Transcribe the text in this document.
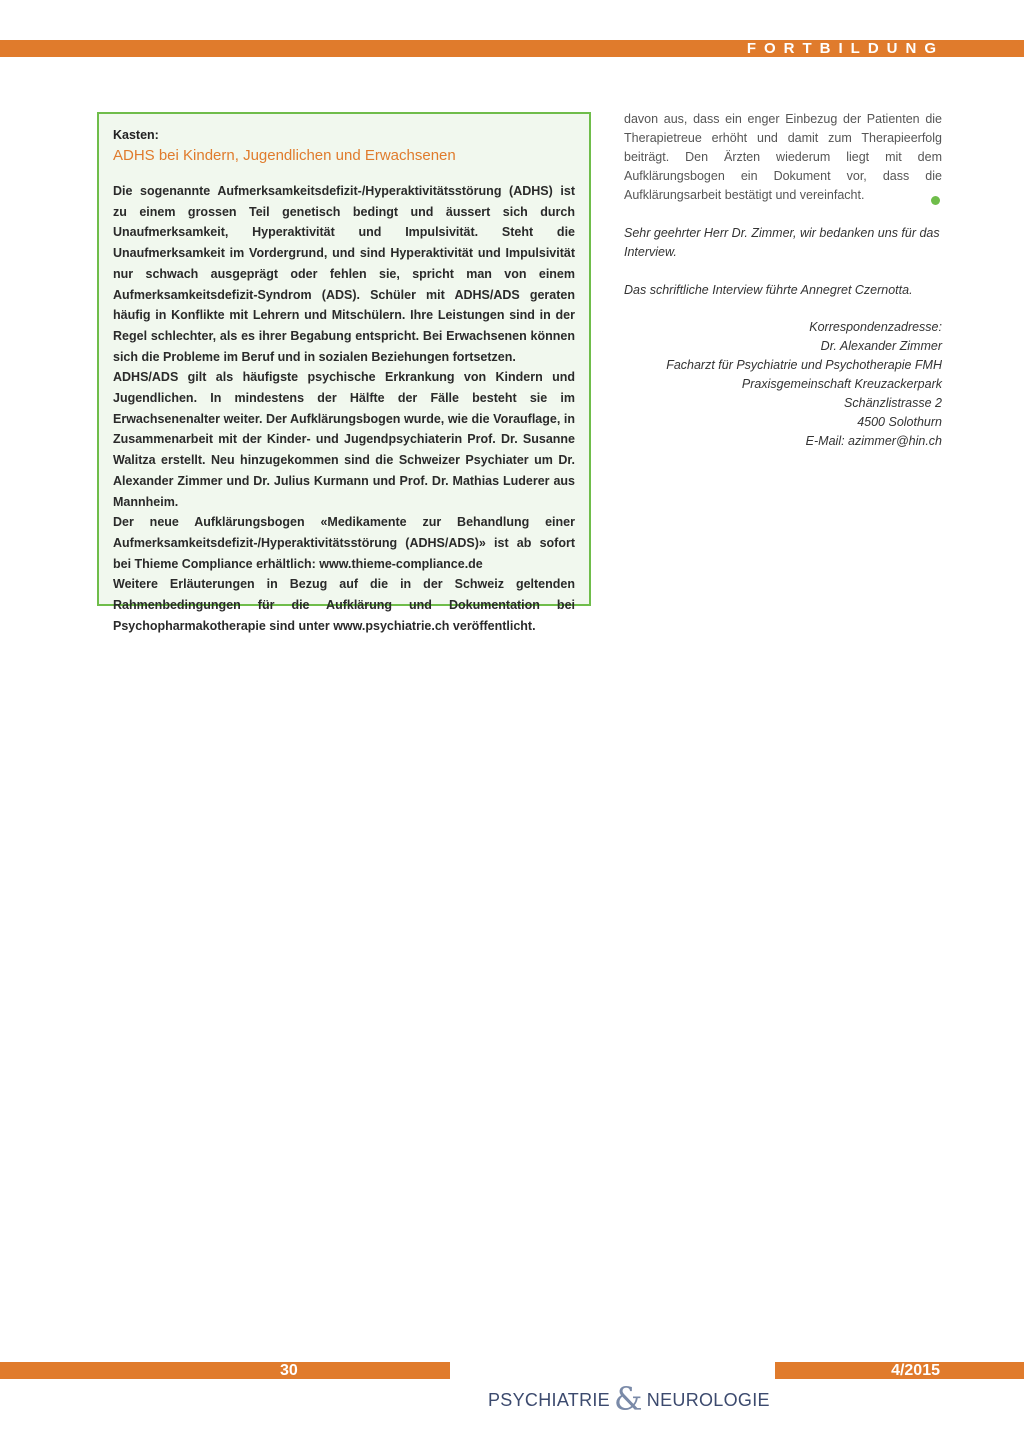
FORTBILDUNG
Kasten:
ADHS bei Kindern, Jugendlichen und Erwachsenen

Die sogenannte Aufmerksamkeitsdefizit-/Hyperaktivitätsstörung (ADHS) ist zu einem grossen Teil genetisch bedingt und äussert sich durch Unaufmerksamkeit, Hyperaktivität und Impulsivität. Steht die Unaufmerksamkeit im Vordergrund, und sind Hyperaktivität und Impulsivität nur schwach ausgeprägt oder fehlen sie, spricht man von einem Aufmerksamkeitsdefizit-Syndrom (ADS). Schüler mit ADHS/ADS geraten häufig in Konflikte mit Lehrern und Mitschülern. Ihre Leistungen sind in der Regel schlechter, als es ihrer Begabung entspricht. Bei Erwachsenen können sich die Probleme im Beruf und in sozialen Beziehungen fortsetzen.

ADHS/ADS gilt als häufigste psychische Erkrankung von Kindern und Jugendlichen. In mindestens der Hälfte der Fälle besteht sie im Erwachsenenalter weiter. Der Aufklärungsbogen wurde, wie die Vorauflage, in Zusammenarbeit mit der Kinder- und Jugendpsychiaterin Prof. Dr. Susanne Walitza erstellt. Neu hinzugekommen sind die Schweizer Psychiater um Dr. Alexander Zimmer und Dr. Julius Kurmann und Prof. Dr. Mathias Luderer aus Mannheim.

Der neue Aufklärungsbogen «Medikamente zur Behandlung einer Aufmerksamkeitsdefizit-/Hyperaktivitätsstörung (ADHS/ADS)» ist ab sofort bei Thieme Compliance erhältlich: www.thieme-compliance.de

Weitere Erläuterungen in Bezug auf die in der Schweiz geltenden Rahmenbedingungen für die Aufklärung und Dokumentation bei Psychopharmakotherapie sind unter www.psychiatrie.ch veröffentlicht.

davon aus, dass ein enger Einbezug der Patienten die Therapietreue erhöht und damit zum Therapieerfolg beiträgt. Den Ärzten wiederum liegt mit dem Aufklärungsbogen ein Dokument vor, dass die Aufklärungsarbeit bestätigt und vereinfacht.

Sehr geehrter Herr Dr. Zimmer, wir bedanken uns für das Interview.

Das schriftliche Interview führte Annegret Czernotta.

Korrespondenzadresse:
Dr. Alexander Zimmer
Facharzt für Psychiatrie und Psychotherapie FMH
Praxisgemeinschaft Kreuzackerpark
Schänzlistrasse 2
4500 Solothurn
E-Mail: azimmer@hin.ch
30	4/2015
PSYCHIATRIE & NEUROLOGIE
